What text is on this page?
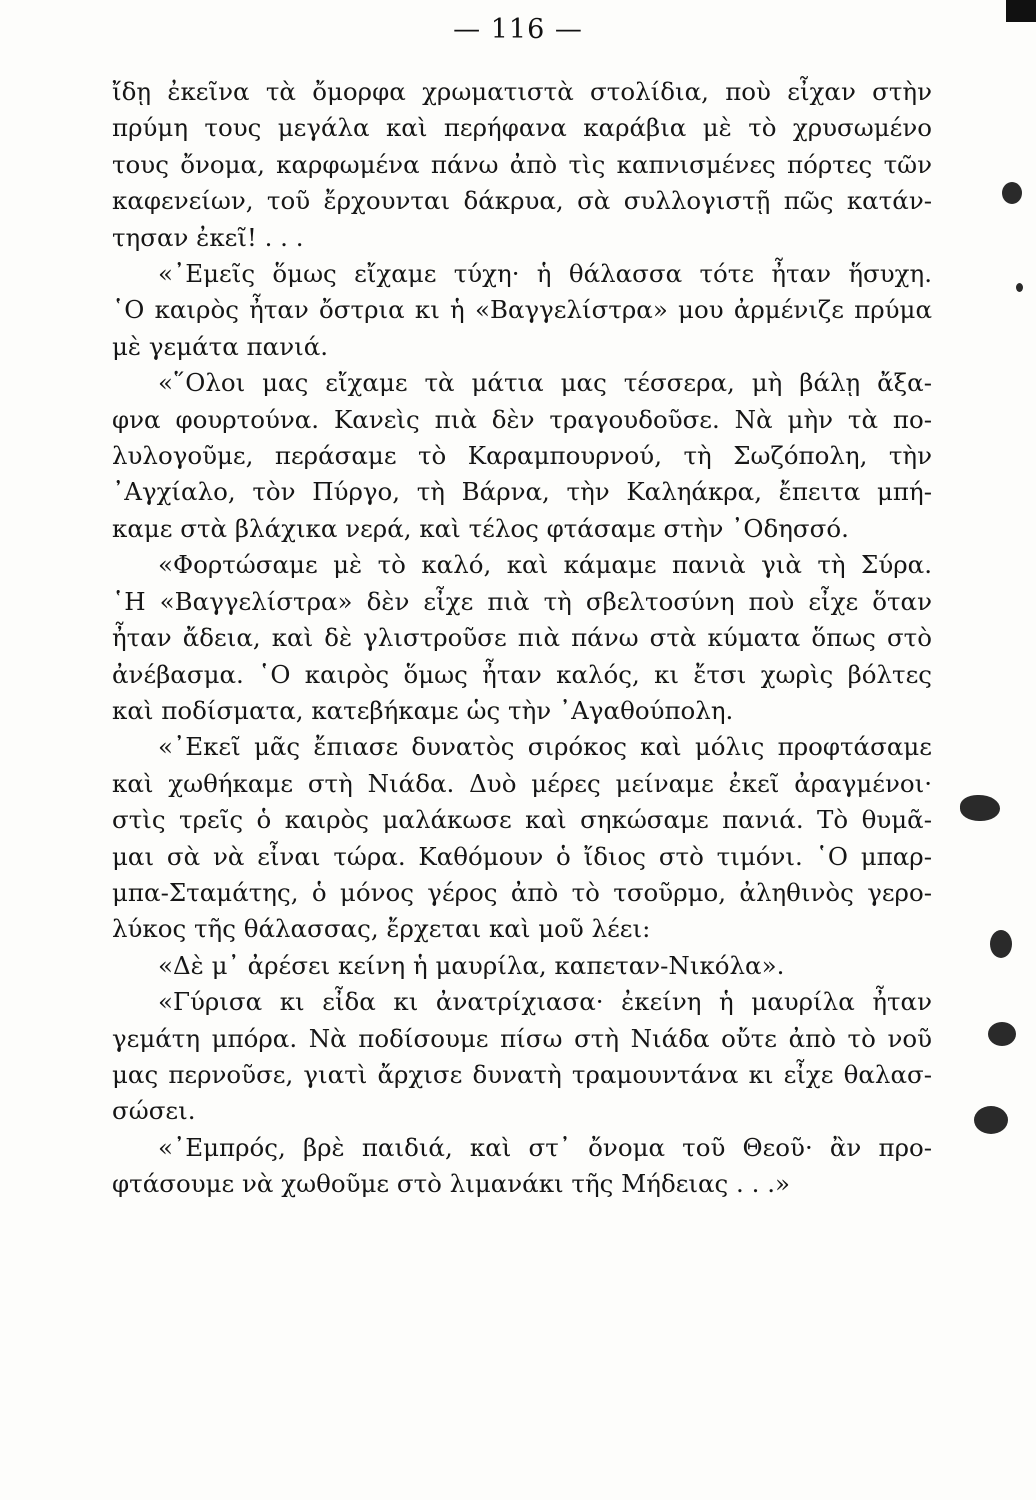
— 116 —
ἴδῃ ἐκεῖνα τὰ ὄμορφα χρωματιστὰ στολίδια, ποὺ εἶχαν στὴν
πρύμη τους μεγάλα καὶ περήφανα καράβια μὲ τὸ χρυσωμένο
τους ὄνομα, καρφωμένα πάνω ἀπὸ τὶς καπνισμένες πόρτες τῶν
καφενείων, τοῦ ἔρχουνται δάκρυα, σὰ συλλογιστῇ πῶς κατάν-
τησαν ἐκεῖ! . . .
«᾿Εμεῖς ὅμως εἴχαμε τύχη· ἡ θάλασσα τότε ἦταν ἥσυχη.
῾Ο καιρὸς ἦταν ὄστρια κι ἡ «Βαγγελίστρα» μου ἀρμένιζε πρύμα
μὲ γεμάτα πανιά.
«῞Ολοι μας εἴχαμε τὰ μάτια μας τέσσερα, μὴ βάλῃ ἄξα-
φνα φουρτούνα. Κανεὶς πιὰ δὲν τραγουδοῦσε. Νὰ μὴν τὰ πο-
λυλογοῦμε, περάσαμε τὸ Καραμπουρνού, τὴ Σωζόπολη, τὴν
᾿Αγχίαλο, τὸν Πύργο, τὴ Βάρνα, τὴν Καληάκρα, ἔπειτα μπή-
καμε στὰ βλάχικα νερά, καὶ τέλος φτάσαμε στὴν ᾿Οδησσό.
«Φορτώσαμε μὲ τὸ καλό, καὶ κάμαμε πανιὰ γιὰ τὴ Σύρα.
῾Η «Βαγγελίστρα» δὲν εἶχε πιὰ τὴ σβελτοσύνη ποὺ εἶχε ὅταν
ἦταν ἄδεια, καὶ δὲ γλιστροῦσε πιὰ πάνω στὰ κύματα ὅπως στὸ
ἀνέβασμα. ῾Ο καιρὸς ὅμως ἦταν καλός, κι ἔτσι χωρὶς βόλτες
καὶ ποδίσματα, κατεβήκαμε ὡς τὴν ᾿Αγαθούπολη.
«᾿Εκεῖ μᾶς ἔπιασε δυνατὸς σιρόκος καὶ μόλις προφτάσαμε
καὶ χωθήκαμε στὴ Νιάδα. Δυὸ μέρες μείναμε ἐκεῖ ἀραγμένοι·
στὶς τρεῖς ὁ καιρὸς μαλάκωσε καὶ σηκώσαμε πανιά. Τὸ θυμᾶ-
μαι σὰ νὰ εἶναι τώρα. Καθόμουν ὁ ἴδιος στὸ τιμόνι. ῾Ο μπαρ-
μπα-Σταμάτης, ὁ μόνος γέρος ἀπὸ τὸ τσοῦρμο, ἀληθινὸς γερο-
λύκος τῆς θάλασσας, ἔρχεται καὶ μοῦ λέει:
«Δὲ μ᾿ ἀρέσει κείνη ἡ μαυρίλα, καπεταν-Νικόλα».
«Γύρισα κι εἶδα κι ἀνατρίχιασα· ἐκείνη ἡ μαυρίλα ἦταν
γεμάτη μπόρα. Νὰ ποδίσουμε πίσω στὴ Νιάδα οὔτε ἀπὸ τὸ νοῦ
μας περνοῦσε, γιατὶ ἄρχισε δυνατὴ τραμουντάνα κι εἶχε θαλασ-
σώσει.
«᾿Εμπρός, βρὲ παιδιά, καὶ στ᾿ ὄνομα τοῦ Θεοῦ· ἂν προ-
φτάσουμε νὰ χωθοῦμε στὸ λιμανάκι τῆς Μήδειας . . .»
